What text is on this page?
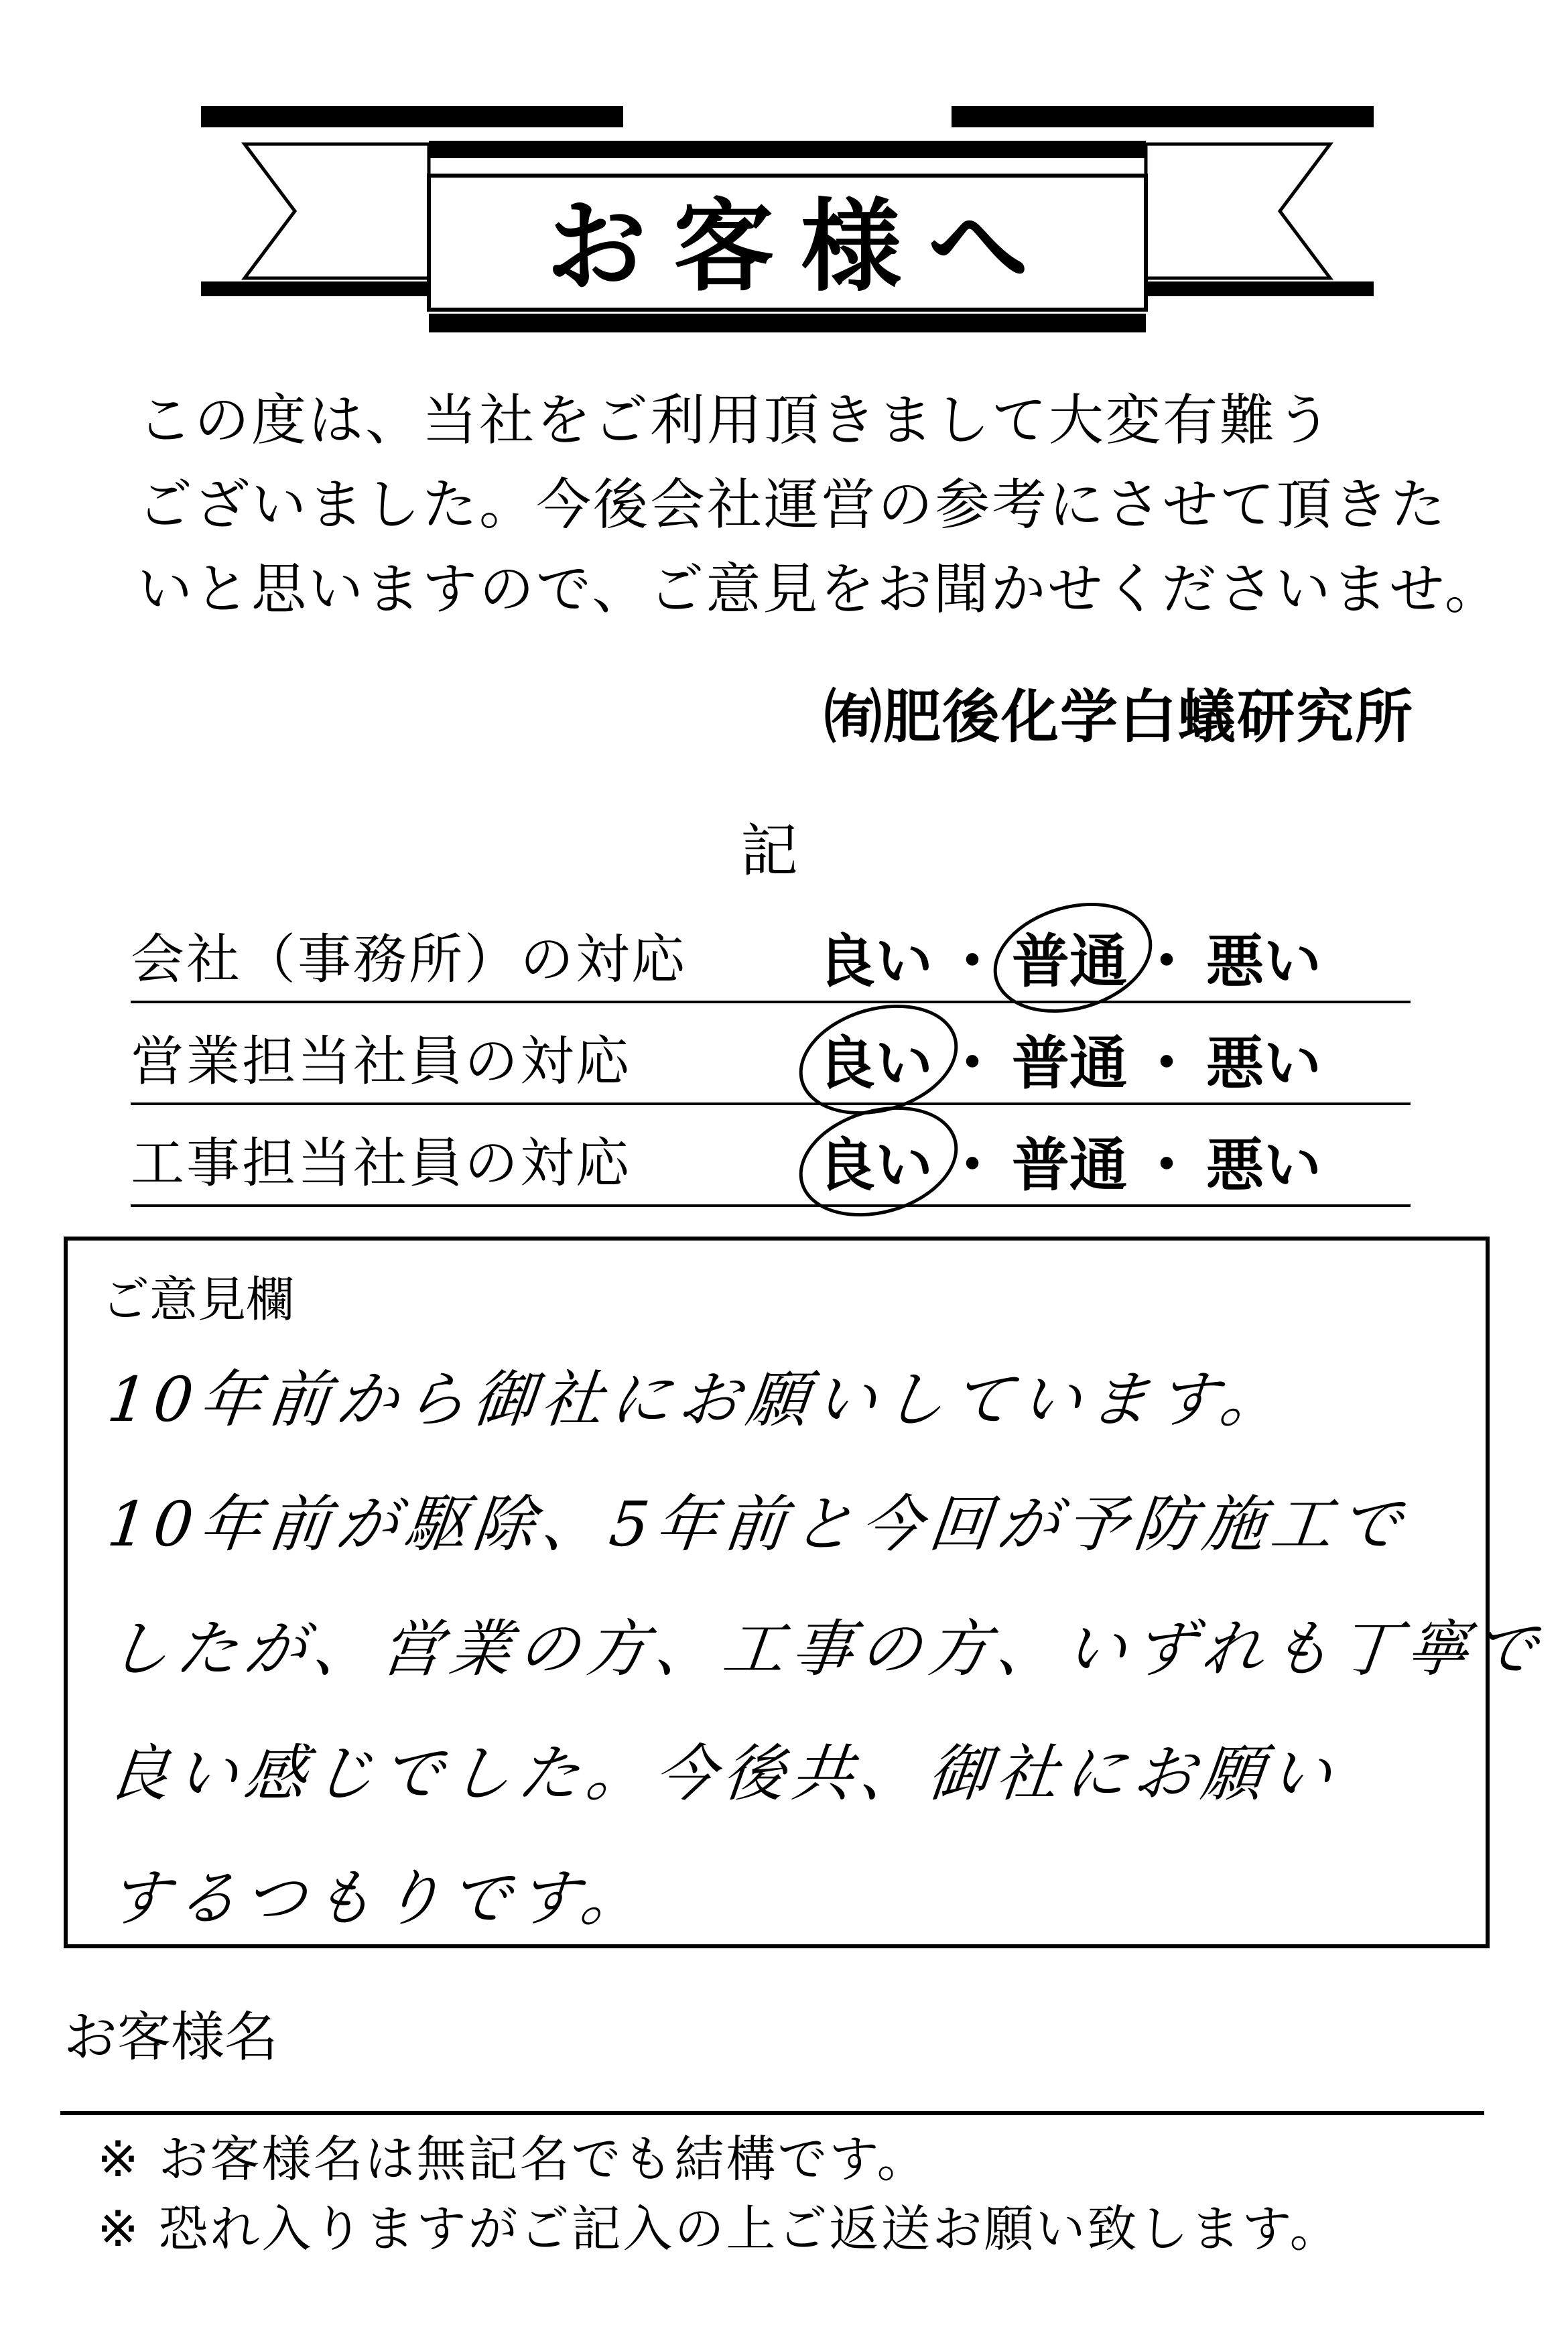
お客様へ
この度は、当社をご利用頂きまして大変有難う
ございました。今後会社運営の参考にさせて頂きた
いと思いますので、ご意見をお聞かせくださいませ。
㈲肥後化学白蟻研究所
記
会社（事務所）の対応 良い ・ 普通 ・ 悪い
営業担当社員の対応	良い ・ 普通 ・ 悪い
工事担当社員の対応	良い ・ 普通 ・ 悪い
ご意見欄
10年前から御社にお願いしています。
10年前が駆除、5年前と今回が予防施工で
したが、営業の方、工事の方、いずれも丁寧で
良い感じでした。今後共、御社にお願い
するつもりです。
お客様名
※ お客様名は無記名でも結構です。
※ 恐れ入りますがご記入の上ご返送お願い致します。
